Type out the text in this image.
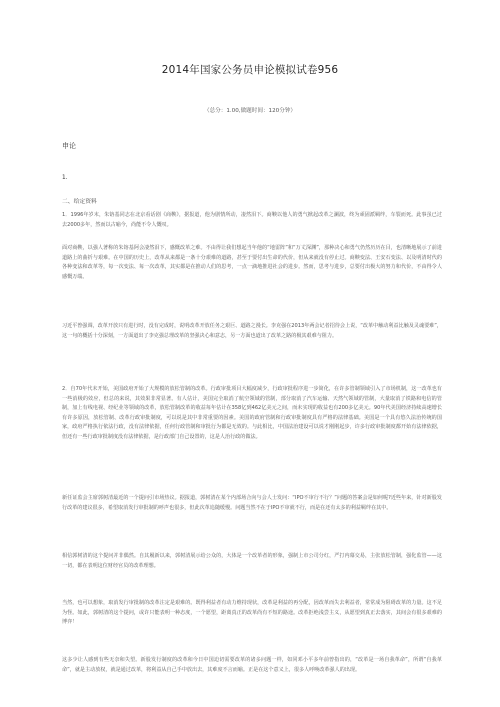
2014年国家公务员申论模拟试卷956
（总分：1.00,做题时间：120分钟）
申论
1.
二、给定资料

1．1996年岁末，朱镕基同志在北京看话剧《商鞅》，据报道，他为剧情所动，凄然泪下。商鞅以他人的勇气掀起改革之澜波，终为顽固派羁绊，车裂而死。此事虽已过去2000多年，然而以古喻今，尚能不令人慨叹。

面对商鞅，以强人著称的朱镕基阿会凄然泪下，感慨改革之难。不由得让我们想起当年他的“地雷阵”和“万丈深渊”，那种决心和勇气仍然历历在目，也清晰地展示了前进道路上的曲折与艰难。在中国的历史上，改革从来都是一条十分艰难的道路，甚至于要付出生命的代价，但从来就没有停止过。商鞅变法、王安石变法、以及明清时代的各种变法和改革等，每一次变法、每一次改革，其实都是在推动人们的思考，一点一滴地推进社会的进步。然而，思考与进步，总要付出极大的努力和代价，不由得令人感慨万端。

习近平曾强调，改革开放只有进行时，没有完成时，说明改革开放任务之艰巨、道路之漫长。李克强在2013年两会记者招待会上说，“改革中触动利益比触及灵魂要难”，这一句的概括十分深刻，一方面道出了李克强总理改革的坚强决心和意志，另一方面也道出了改革之路的极其艰难与阻力。

2．自70年代末开始，美国政府开始了大规模的放松管制的改革。行政审批项目大幅度减少，行政审批程序进一步简化，在许多管制领域引入了市场机制，这一改革也有一些消极的效应，但总的来说，其效果非常显著。有人估计，美国完全取消了航空领域的管制，部分取消了汽车运输、天然气领域的管制，大量取消了铁路和电信的管制，加上有线电视、经纪业等领域的改革，放松管制改革的收益每年估计在358亿到462亿美元之间，而未实现的收益也有200多亿美元。90年代美国经济持续高速增长有许多原因，放松管制、改革行政审批制度，可以说是其中非常重要的因素。美国的政府管制和行政审批制度具有严格的法律基础。美国是一个具有悠久法治传统的国家，政府严格执行依法行政，没有法律依据，任何行政管制和审批行为都是无效的。与此相比，中国法治建设可以说才刚刚起步，许多行政审批制度都开始有法律依据，但还有一些行政审批制度没有法律依据，是行政部门自己设置的，这是人治行政的做法。

新任证监会主席郭树清最近的一个提问引市场热议。据报道，郭树清在某个内部场合向与会人士发问：“IPO不审行不行？”问题的答案会是如何呢?近些年来，针对新股发行改革的建议很多，希望取消发行审批制的呼声也很多，但此次革追随缓慢。问题当然不在于IPO不审就不行，而是在还有太多的利益羁绊在其中。

相信郭树清的这个提问并非偶然。自其履新以来，郭树清展示给公众的，大体是一个改革者的形象，强制上市公司分红，严打内幕交易，主张放松管制，强化监管——这一切，都在表明这位财经官员的改革理想。

当然，也可以想象，取消发行审批制的改革注定是艰难的。既得利益者有动力维持现状，改革是利益的再分配，因改革而失去利益者，常常成为阻碍改革的力量。这不足为怪。如此，郭树清的这个提问，或许只能表明一种态度，一个愿望，距离真正的改革尚有不短的路途。改革拒绝浅尝主义，从愿望到真正去落实，其间会有很多艰难的博弈！

这多少让人感到有些无奈和失望。新股发行制度的改革和今日中国迫切需要改革的诸多问题一样，如同邓小平多年前曾指出的，“改革是一场自我革命”，所谓“自我革命”，就是主动放权，就是通过改革，将利益从自己手中放出去，其难度不言而喻。正是在这个意义上，很多人呼唤改革强人的出现。
